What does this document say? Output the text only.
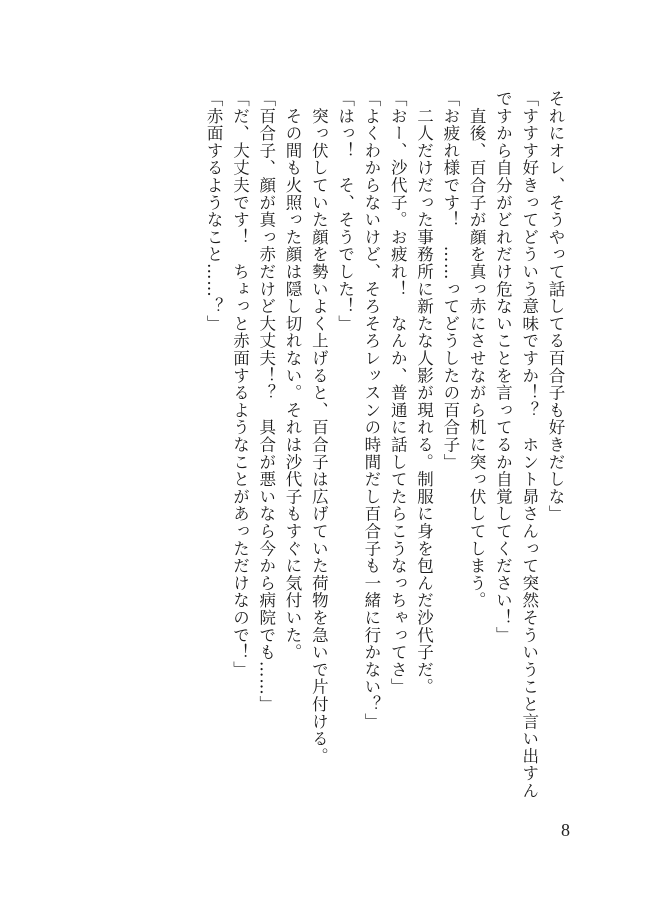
それにオレ、そうやって話してる百合子も好きだしな」
「すすす好きってどういう意味ですか！？　ホント昴さんって突然そういうこと言い出すん
ですから自分がどれだけ危ないことを言ってるか自覚してください！」
　直後、百合子が顔を真っ赤にさせながら机に突っ伏してしまう。
「お疲れ様です！　……ってどうしたの百合子」
　二人だけだった事務所に新たな人影が現れる。制服に身を包んだ沙代子だ。
「おー、沙代子。お疲れ！　なんか、普通に話してたらこうなっちゃってさ」
「よくわからないけど、そろそろレッスンの時間だし百合子も一緒に行かない？」
「はっ！　そ、そうでした！」
　突っ伏していた顔を勢いよく上げると、百合子は広げていた荷物を急いで片付ける。
　その間も火照った顔は隠し切れない。それは沙代子もすぐに気付いた。
「百合子、顔が真っ赤だけど大丈夫！？　具合が悪いなら今から病院でも……」
「だ、大丈夫です！　ちょっと赤面するようなことがあっただけなので！」
「赤面するようなこと……？」
8
